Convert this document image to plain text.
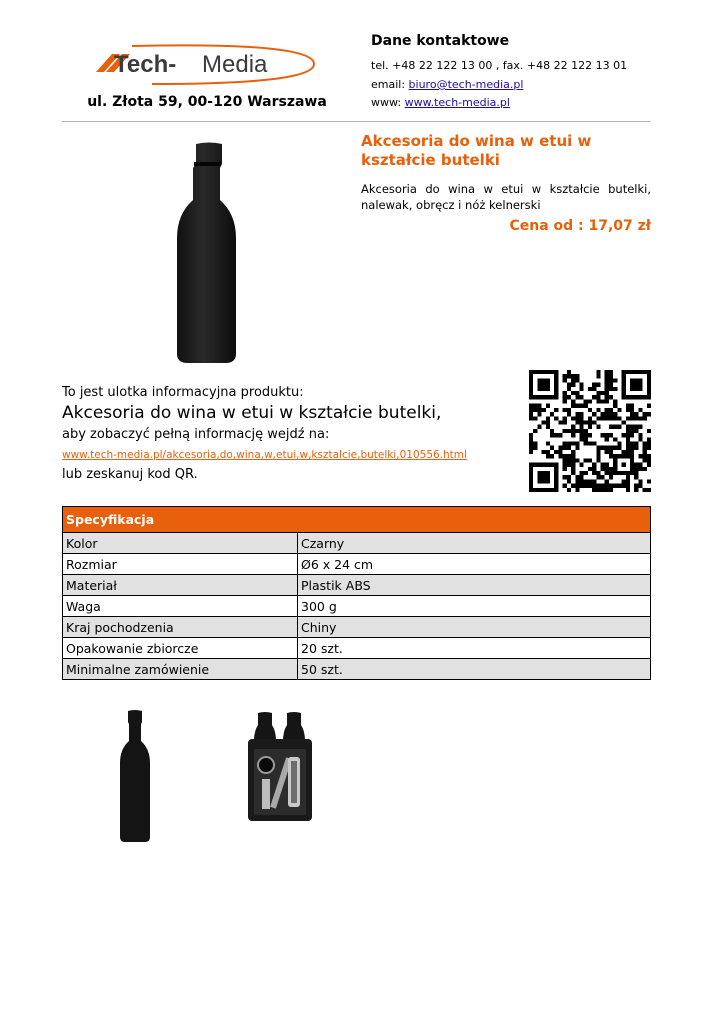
Tech- Media
ul. Złota 59, 00-120 Warszawa
Dane kontaktowe
tel. +48 22 122 13 00 , fax. +48 22 122 13 01
email: biuro@tech-media.pl
www: www.tech-media.pl
Akcesoria do wina w etui w kształcie butelki
Akcesoria do wina w etui w kształcie butelki, nalewak, obręcz i nóż kelnerski
Cena od : 17,07 zł
To jest ulotka informacyjna produktu:
Akcesoria do wina w etui w kształcie butelki,
aby zobaczyć pełną informację wejdź na:
www.tech-media.pl/akcesoria,do,wina,w,etui,w,ksztalcie,butelki,010556.html
lub zeskanuj kod QR.
Specyfikacja	
Kolor	Czarny
Rozmiar	Ø6 x 24 cm
Materiał	Plastik ABS
Waga	300 g
Kraj pochodzenia	Chiny
Opakowanie zbiorcze	20 szt.
Minimalne zamówienie	50 szt.
